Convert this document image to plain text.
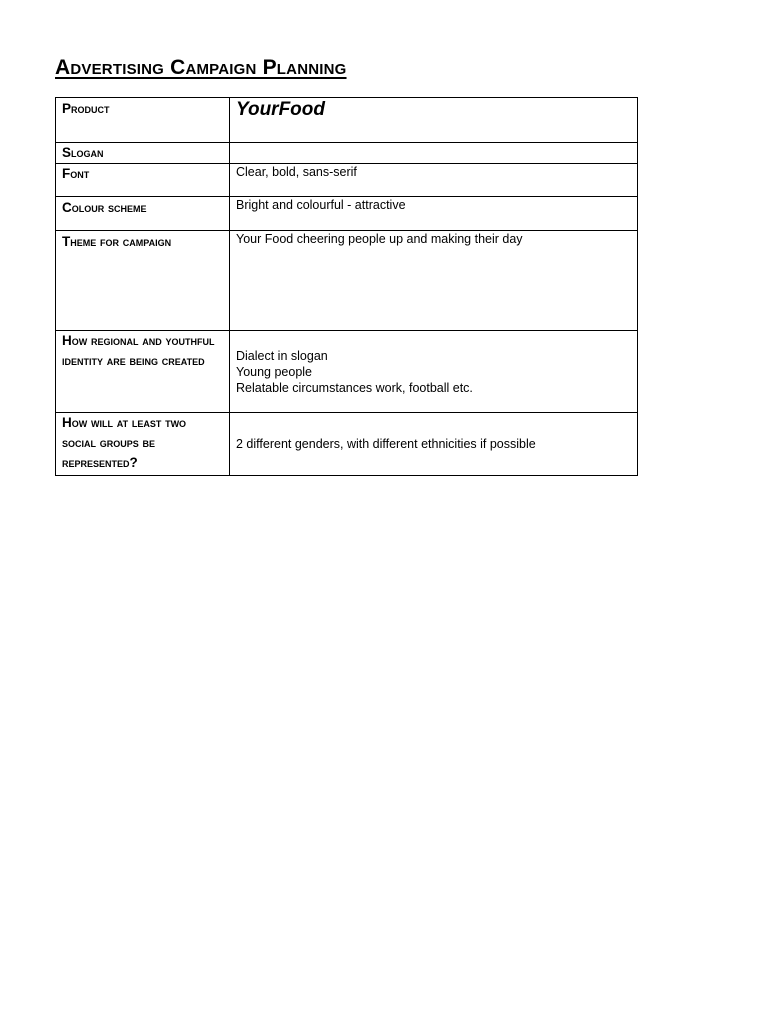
Advertising Campaign Planning
Product	YourFood
Slogan	
Font	Clear, bold, sans-serif
Colour scheme	Bright and colourful - attractive
Theme for campaign	Your Food cheering people up and making their day
How regional and youthful identity are being created	Dialect in slogan
Young people
Relatable circumstances work, football etc.

How will at least two social groups be represented?	2 different genders, with different ethnicities if possible
